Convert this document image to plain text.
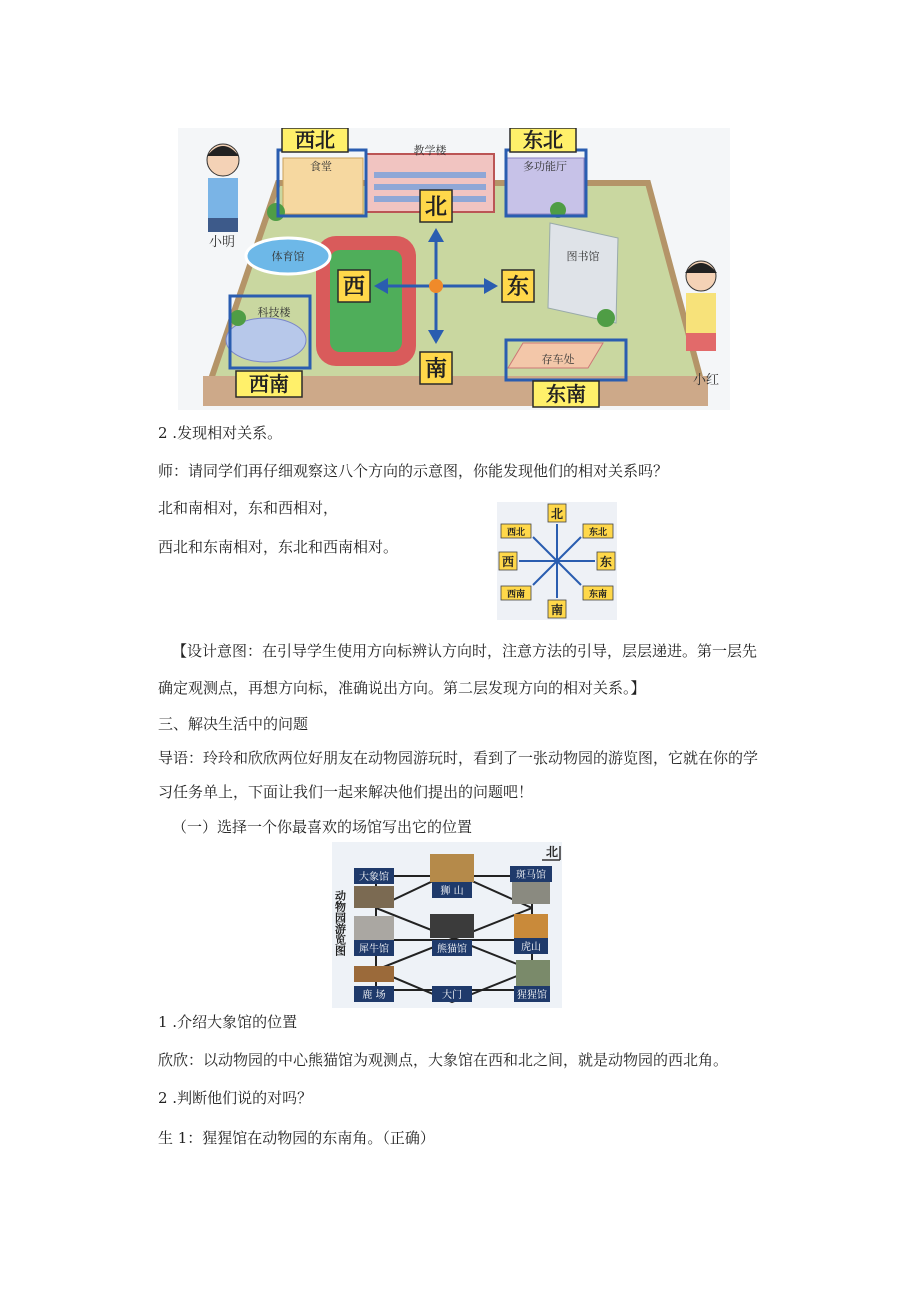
西北	东北
西南	东南
食堂
教学楼
多功能厅
体育馆	图书馆
科技楼
存车处
北
南
西	东
小明
小红
2 .发现相对关系。
师：请同学们再仔细观察这八个方向的示意图，你能发现他们的相对关系吗？
北和南相对，东和西相对，
西北和东南相对，东北和西南相对。
北
南
西	东
西北	东北
西南	东南
【设计意图：在引导学生使用方向标辨认方向时，注意方法的引导，层层递进。第一层先
确定观测点，再想方向标，准确说出方向。第二层发现方向的相对关系。】
三、解决生活中的问题
导语：玲玲和欣欣两位好朋友在动物园游玩时，看到了一张动物园的游览图，它就在你的学
习任务单上，下面让我们一起来解决他们提出的问题吧！
（一）选择一个你最喜欢的场馆写出它的位置
北
动物园游览图
大象馆
狮 山
斑马馆
犀牛馆	熊猫馆	虎山
鹿 场	大门	猩猩馆
1 .介绍大象馆的位置
欣欣：以动物园的中心熊猫馆为观测点，大象馆在西和北之间，就是动物园的西北角。
2 .判断他们说的对吗？
生 1：猩猩馆在动物园的东南角。（正确）
